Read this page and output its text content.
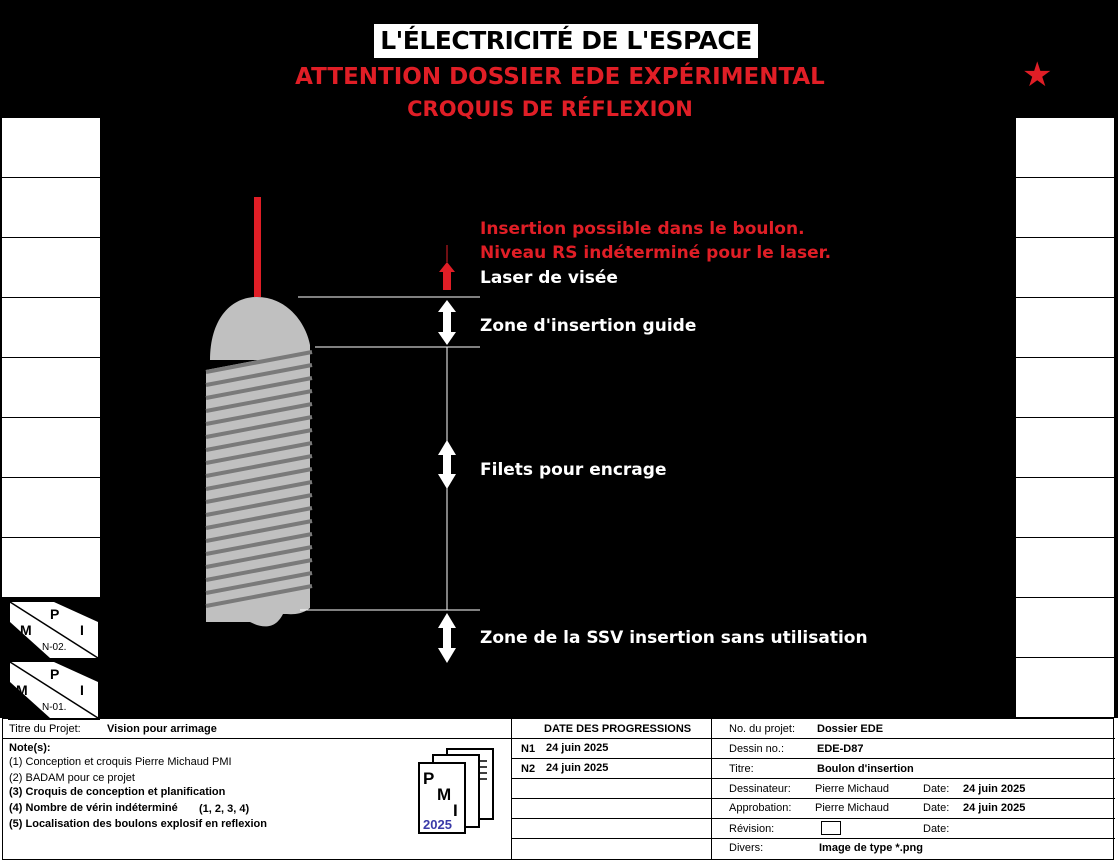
L'ÉLECTRICITÉ DE L'ESPACE
ATTENTION DOSSIER EDE EXPÉRIMENTAL
CROQUIS DE RÉFLEXION
★
Insertion possible dans le boulon.
Niveau RS indéterminé pour le laser.
Laser de visée
Zone d'insertion guide
Filets pour encrage
Zone de la SSV insertion sans utilisation
M
P
I
N-02.
M
P
I
N-01.
Titre du Projet: Vision pour arrimage
Note(s):
(1) Conception et croquis Pierre Michaud PMI
(2) BADAM pour ce projet
(3) Croquis de conception et planification
(4) Nombre de vérin indéterminé (1, 2, 3, 4)
(5) Localisation des boulons explosif en reflexion
P
M
I
2025
DATE DES PROGRESSIONS
N1 24 juin 2025
N2 24 juin 2025
No. du projet: Dossier EDE
Dessin no.:	EDE-D87
Titre:	Boulon d'insertion
Dessinateur: Pierre Michaud	Date: 24 juin 2025
Approbation: Pierre Michaud	Date: 24 juin 2025
Révision:	Date:
Divers:	Image de type *.png
